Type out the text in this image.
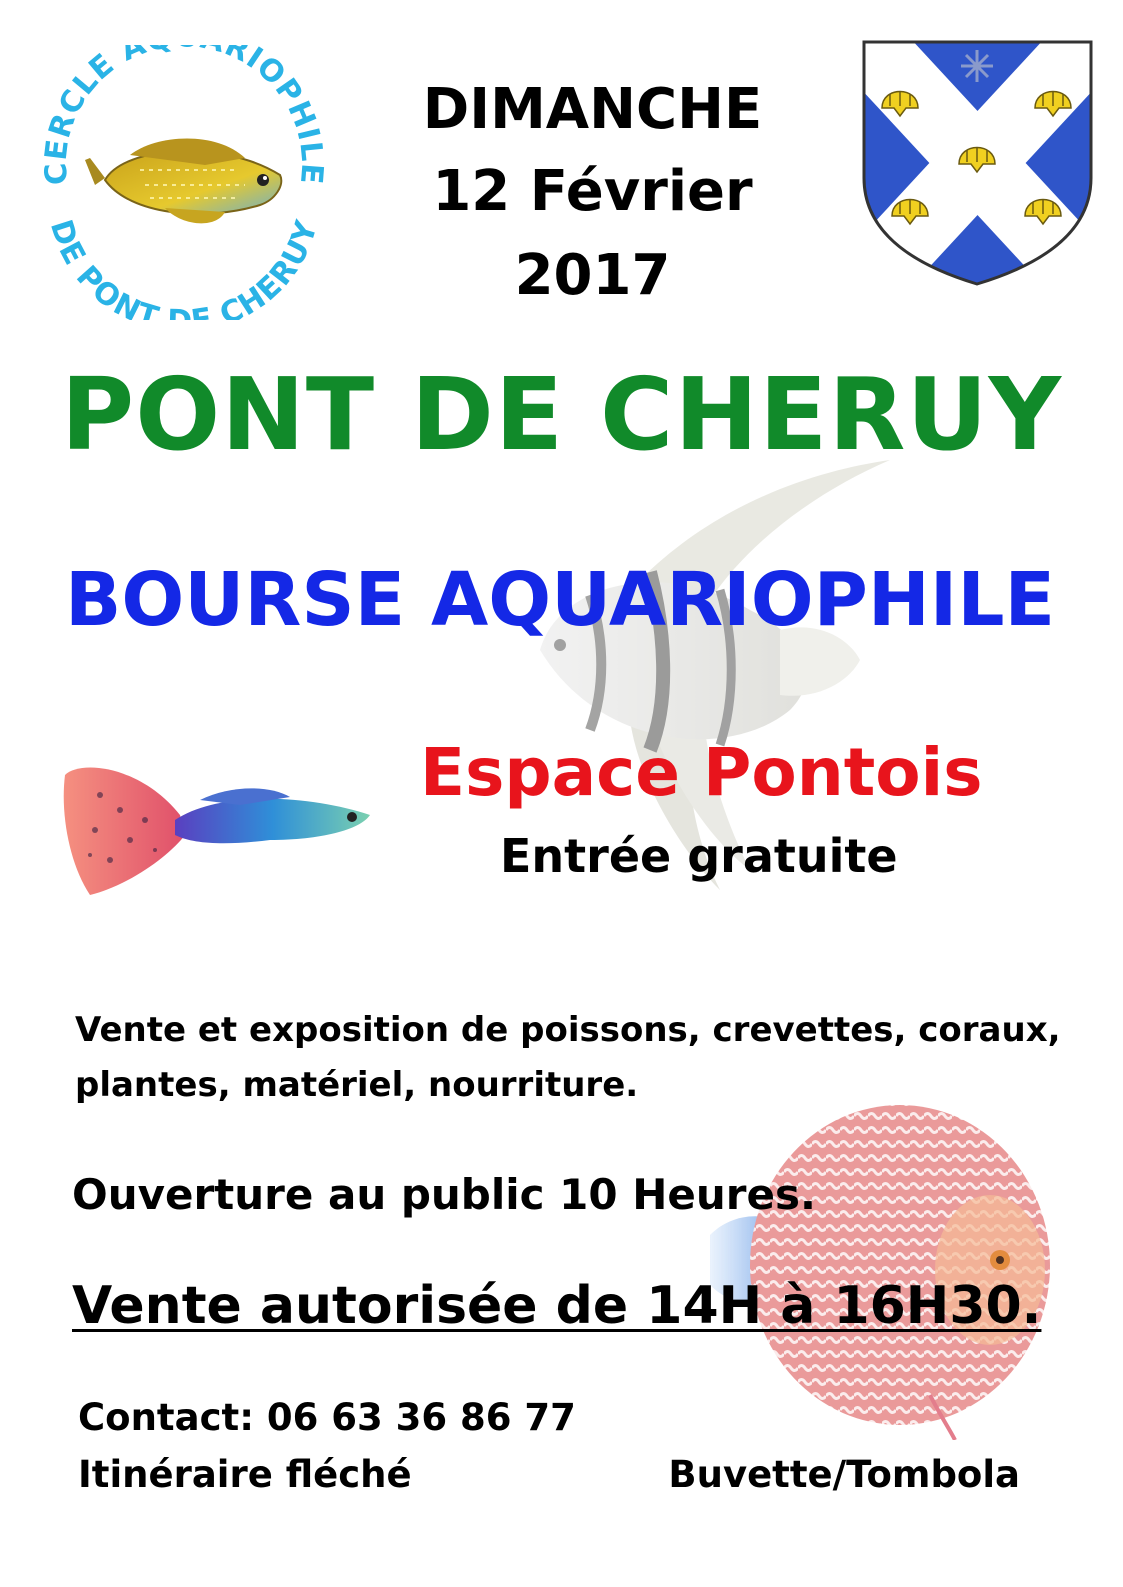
CERCLE A RIOPHILE
DE PONT CHERUY
DIMANCHE
12 Février 2017
PONT DE CHERUY
BOURSE AQUARIOPHILE
Espace Pontois
Entrée gratuite
Vente et exposition de poissons, crevettes, coraux, plantes, matériel, nourriture.
Ouverture au public 10 Heures.
Vente autorisée de 14H à 16H30.
Contact: 06 63 36 86 77
Itinéraire fléché	Buvette/Tombola
